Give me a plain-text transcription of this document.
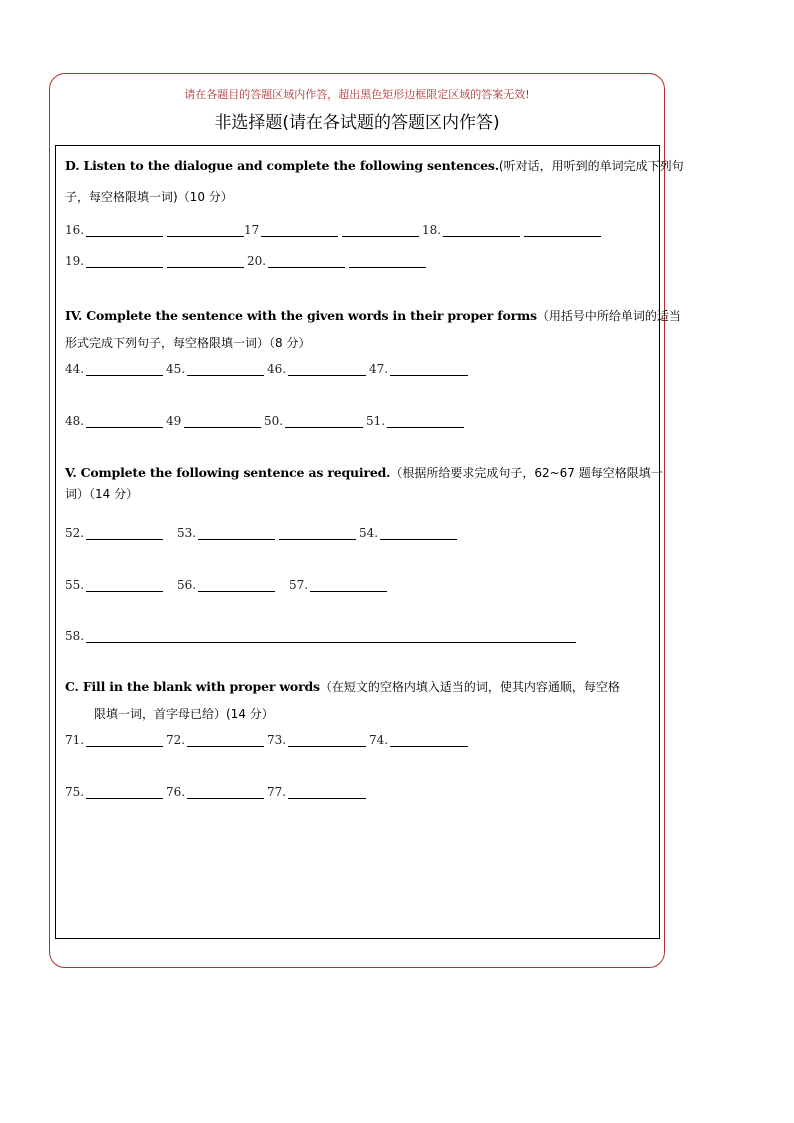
请在各题目的答题区域内作答，超出黑色矩形边框限定区域的答案无效!
非选择题(请在各试题的答题区内作答)
D. Listen to the dialogue and complete the following sentences.(听对话，用听到的单词完成下列句
子，每空格限填一词)（10 分）
16.	17	18.
19.	20.
IV. Complete the sentence with the given words in their proper forms（用括号中所给单词的适当
形式完成下列句子，每空格限填一词）（8 分）
44.	45.	46.	47.
48.	49	50.	51.
V. Complete the following sentence as required.（根据所给要求完成句子，62~67 题每空格限填一
词）（14 分）
52.	53.	54.
55.	56.	57.
58.
C. Fill in the blank with proper words（在短文的空格内填入适当的词，使其内容通顺，每空格
限填一词，首字母已给）(14 分）
71.	72.	73.	74.
75.	76.	77.
